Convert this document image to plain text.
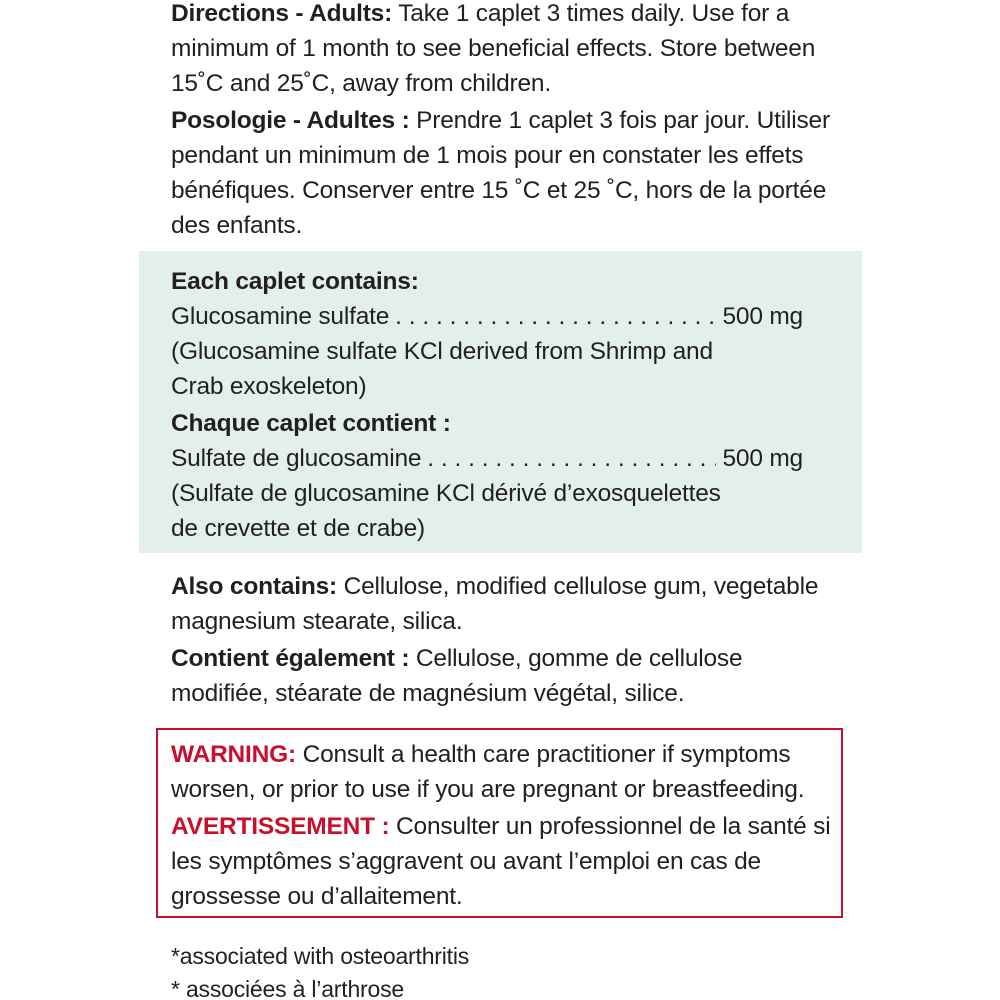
Directions - Adults: Take 1 caplet 3 times daily. Use for a minimum of 1 month to see beneficial effects. Store between 15˚C and 25˚C, away from children.

Posologie - Adultes : Prendre 1 caplet 3 fois par jour. Utiliser pendant un minimum de 1 mois pour en constater les effets bénéfiques. Conserver entre 15 ˚C et 25 ˚C, hors de la portée des enfants.

Each caplet contains:
Glucosamine sulfate . . .	500 mg
(Glucosamine sulfate KCl derived from Shrimp and Crab exoskeleton)
Chaque caplet contient :
Sulfate de glucosamine . . .	500 mg
(Sulfate de glucosamine KCl dérivé d’exosquelettes de crevette et de crabe)

Also contains: Cellulose, modified cellulose gum, vegetable magnesium stearate, silica.

Contient également : Cellulose, gomme de cellulose modifiée, stéarate de magnésium végétal, silice.

WARNING: Consult a health care practitioner if symptoms worsen, or prior to use if you are pregnant or breastfeeding.

AVERTISSEMENT : Consulter un professionnel de la santé si les symptômes s’aggravent ou avant l’emploi en cas de grossesse ou d’allaitement.

*associated with osteoarthritis
* associées à l’arthrose
